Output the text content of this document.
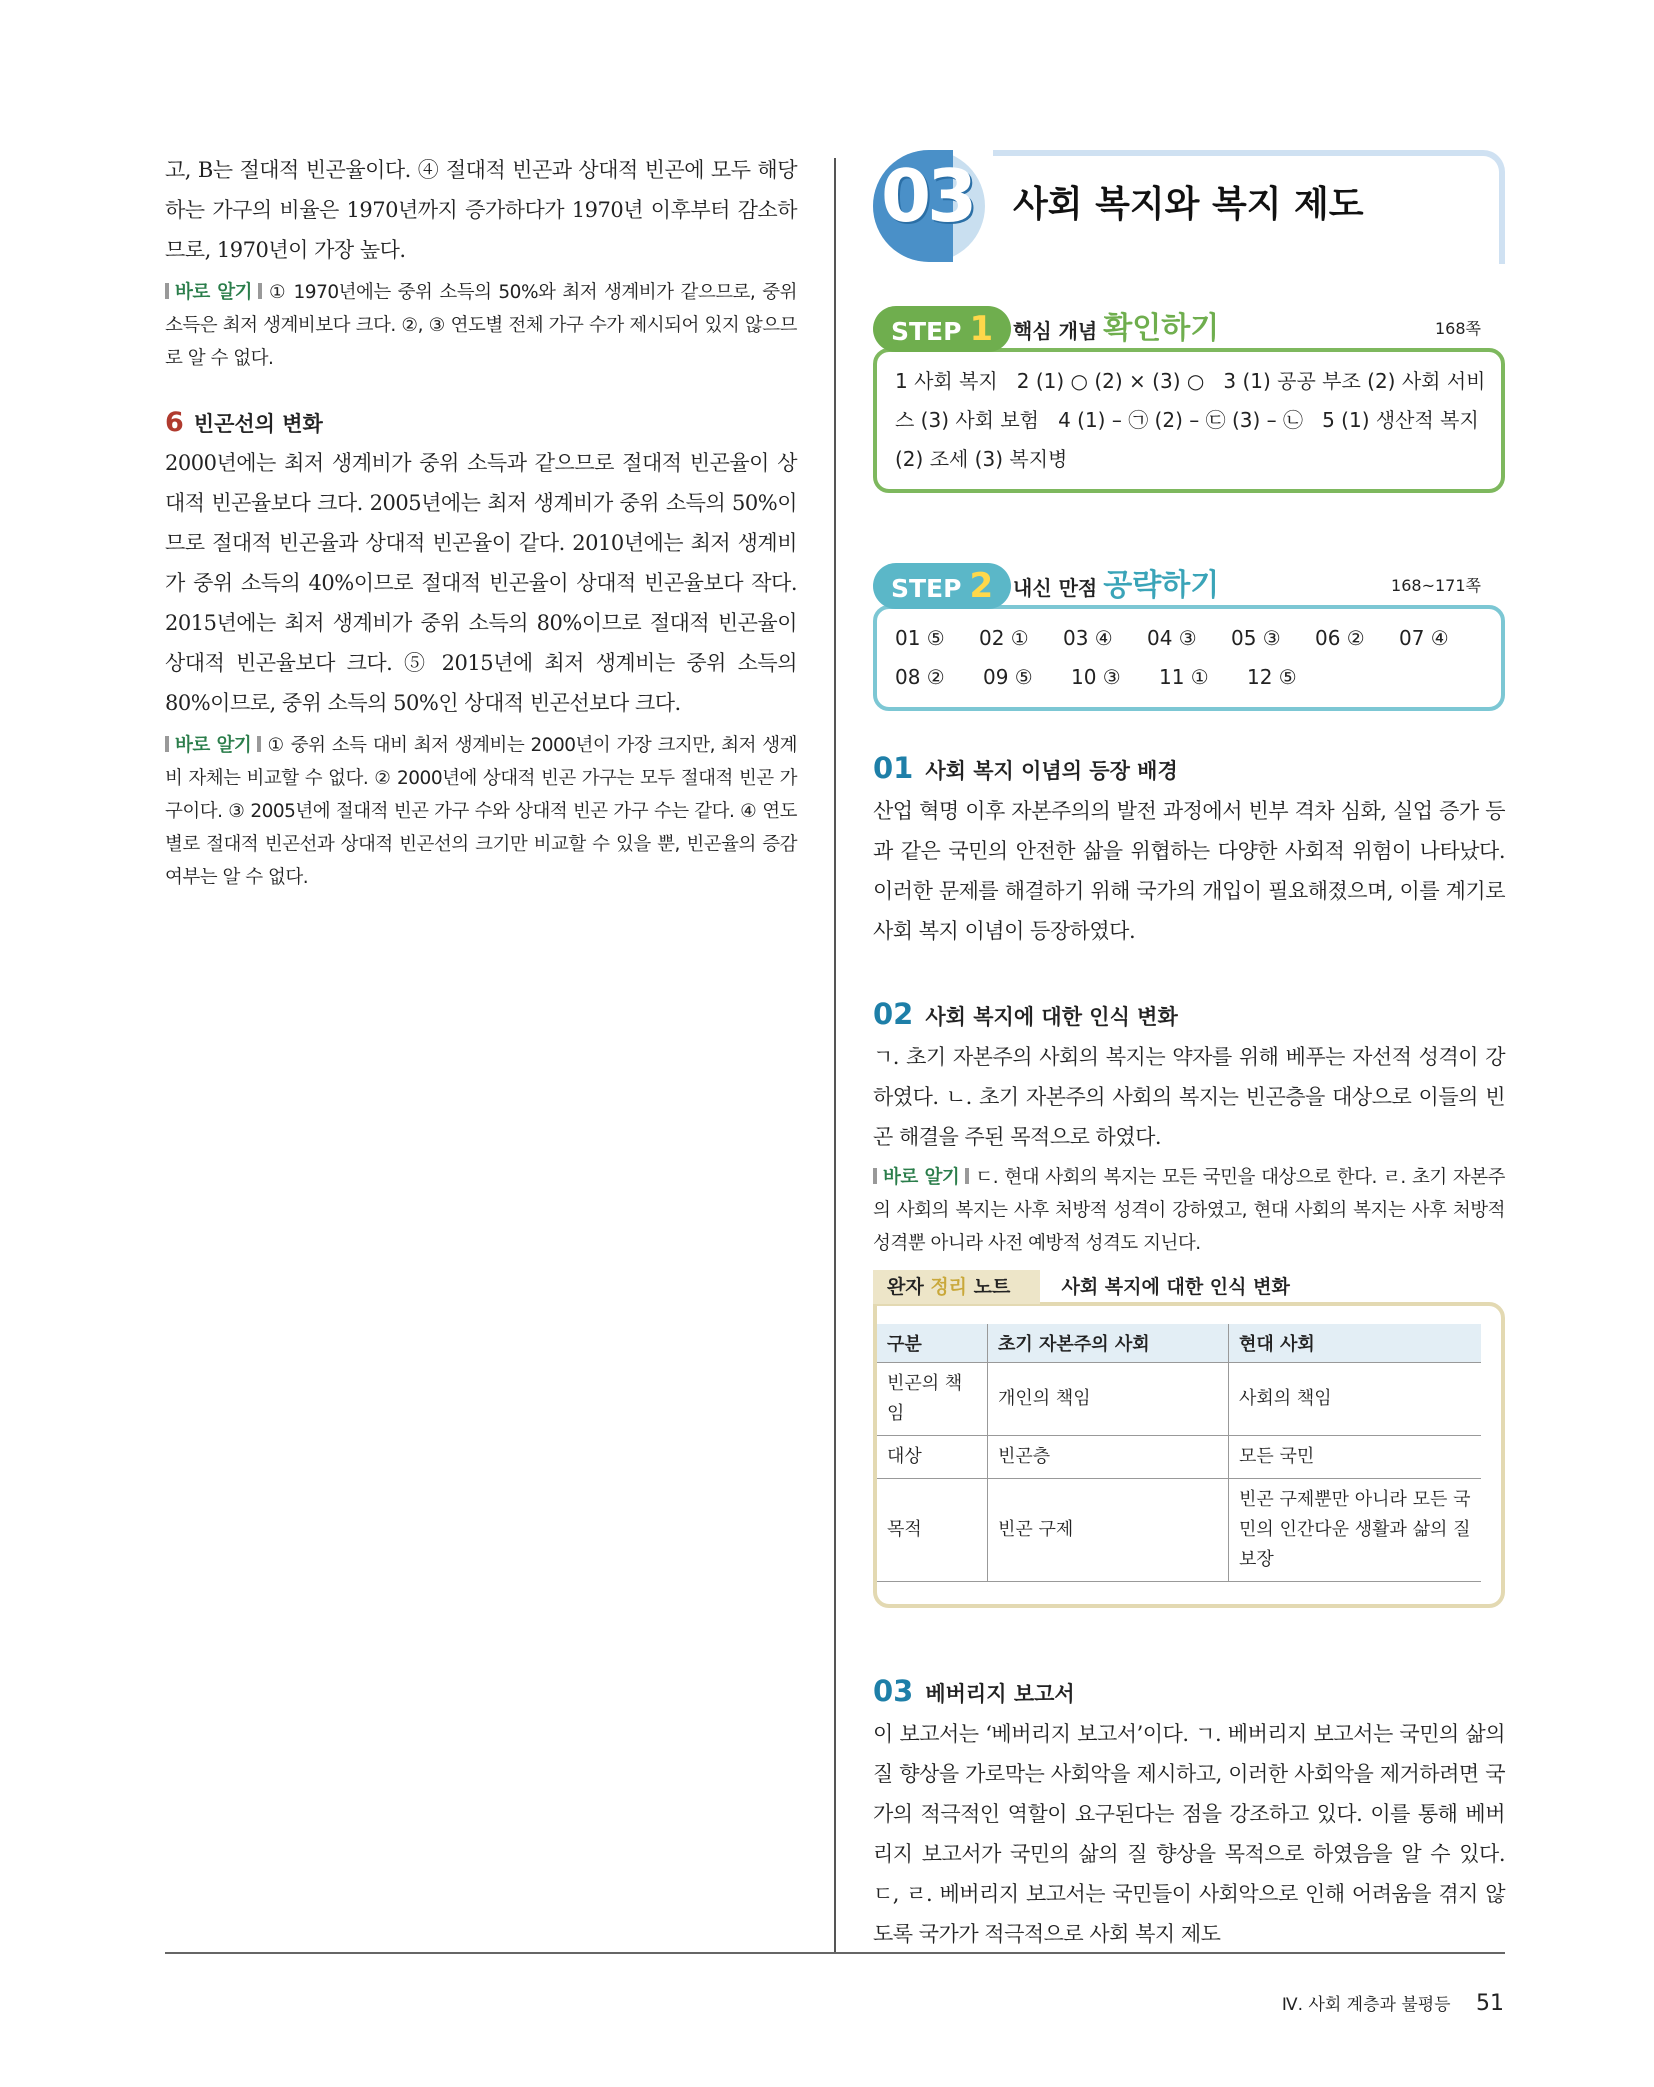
고, B는 절대적 빈곤율이다. ④ 절대적 빈곤과 상대적 빈곤에 모두 해당하는 가구의 비율은 1970년까지 증가하다가 1970년 이후부터 감소하므로, 1970년이 가장 높다.

바로 알기 ① 1970년에는 중위 소득의 50%와 최저 생계비가 같으므로, 중위 소득은 최저 생계비보다 크다. ②, ③ 연도별 전체 가구 수가 제시되어 있지 않으므로 알 수 없다.

6 빈곤선의 변화

2000년에는 최저 생계비가 중위 소득과 같으므로 절대적 빈곤율이 상대적 빈곤율보다 크다. 2005년에는 최저 생계비가 중위 소득의 50%이므로 절대적 빈곤율과 상대적 빈곤율이 같다. 2010년에는 최저 생계비가 중위 소득의 40%이므로 절대적 빈곤율이 상대적 빈곤율보다 작다. 2015년에는 최저 생계비가 중위 소득의 80%이므로 절대적 빈곤율이 상대적 빈곤율보다 크다. ⑤ 2015년에 최저 생계비는 중위 소득의 80%이므로, 중위 소득의 50%인 상대적 빈곤선보다 크다.

바로 알기 ① 중위 소득 대비 최저 생계비는 2000년이 가장 크지만, 최저 생계비 자체는 비교할 수 없다. ② 2000년에 상대적 빈곤 가구는 모두 절대적 빈곤 가구이다. ③ 2005년에 절대적 빈곤 가구 수와 상대적 빈곤 가구 수는 같다. ④ 연도별로 절대적 빈곤선과 상대적 빈곤선의 크기만 비교할 수 있을 뿐, 빈곤율의 증감 여부는 알 수 없다.

03 사회 복지와 복지 제도
STEP 1 핵심 개념 확인하기	168쪽
1 사회 복지   2 (1) ○ (2) × (3) ○   3 (1) 공공 부조 (2) 사회 서비
스 (3) 사회 보험   4 (1) – ㉠ (2) – ㉢ (3) – ㉡   5 (1) 생산적 복지
(2) 조세 (3) 복지병
STEP 2 내신 만점 공략하기	168~171쪽
01 ⑤	02 ①	03 ④	04 ③	05 ③	06 ②	07 ④
08 ②	09 ⑤	10 ③	11 ①	12 ⑤
01 사회 복지 이념의 등장 배경

산업 혁명 이후 자본주의의 발전 과정에서 빈부 격차 심화, 실업 증가 등과 같은 국민의 안전한 삶을 위협하는 다양한 사회적 위험이 나타났다. 이러한 문제를 해결하기 위해 국가의 개입이 필요해졌으며, 이를 계기로 사회 복지 이념이 등장하였다.

02 사회 복지에 대한 인식 변화

ㄱ. 초기 자본주의 사회의 복지는 약자를 위해 베푸는 자선적 성격이 강하였다. ㄴ. 초기 자본주의 사회의 복지는 빈곤층을 대상으로 이들의 빈곤 해결을 주된 목적으로 하였다.

바로 알기 ㄷ. 현대 사회의 복지는 모든 국민을 대상으로 한다. ㄹ. 초기 자본주의 사회의 복지는 사후 처방적 성격이 강하였고, 현대 사회의 복지는 사후 처방적 성격뿐 아니라 사전 예방적 성격도 지닌다.

완자 정리 노트	사회 복지에 대한 인식 변화
구분	초기 자본주의 사회	현대 사회
빈곤의 책임	개인의 책임	사회의 책임
대상	빈곤층	모든 국민
목적	빈곤 구제	빈곤 구제뿐만 아니라 모든 국민의 인간다운 생활과 삶의 질 보장
03 베버리지 보고서

이 보고서는 ‘베버리지 보고서’이다. ㄱ. 베버리지 보고서는 국민의 삶의 질 향상을 가로막는 사회악을 제시하고, 이러한 사회악을 제거하려면 국가의 적극적인 역할이 요구된다는 점을 강조하고 있다. 이를 통해 베버리지 보고서가 국민의 삶의 질 향상을 목적으로 하였음을 알 수 있다. ㄷ, ㄹ. 베버리지 보고서는 국민들이 사회악으로 인해 어려움을 겪지 않도록 국가가 적극적으로 사회 복지 제도

Ⅳ. 사회 계층과 불평등 51
